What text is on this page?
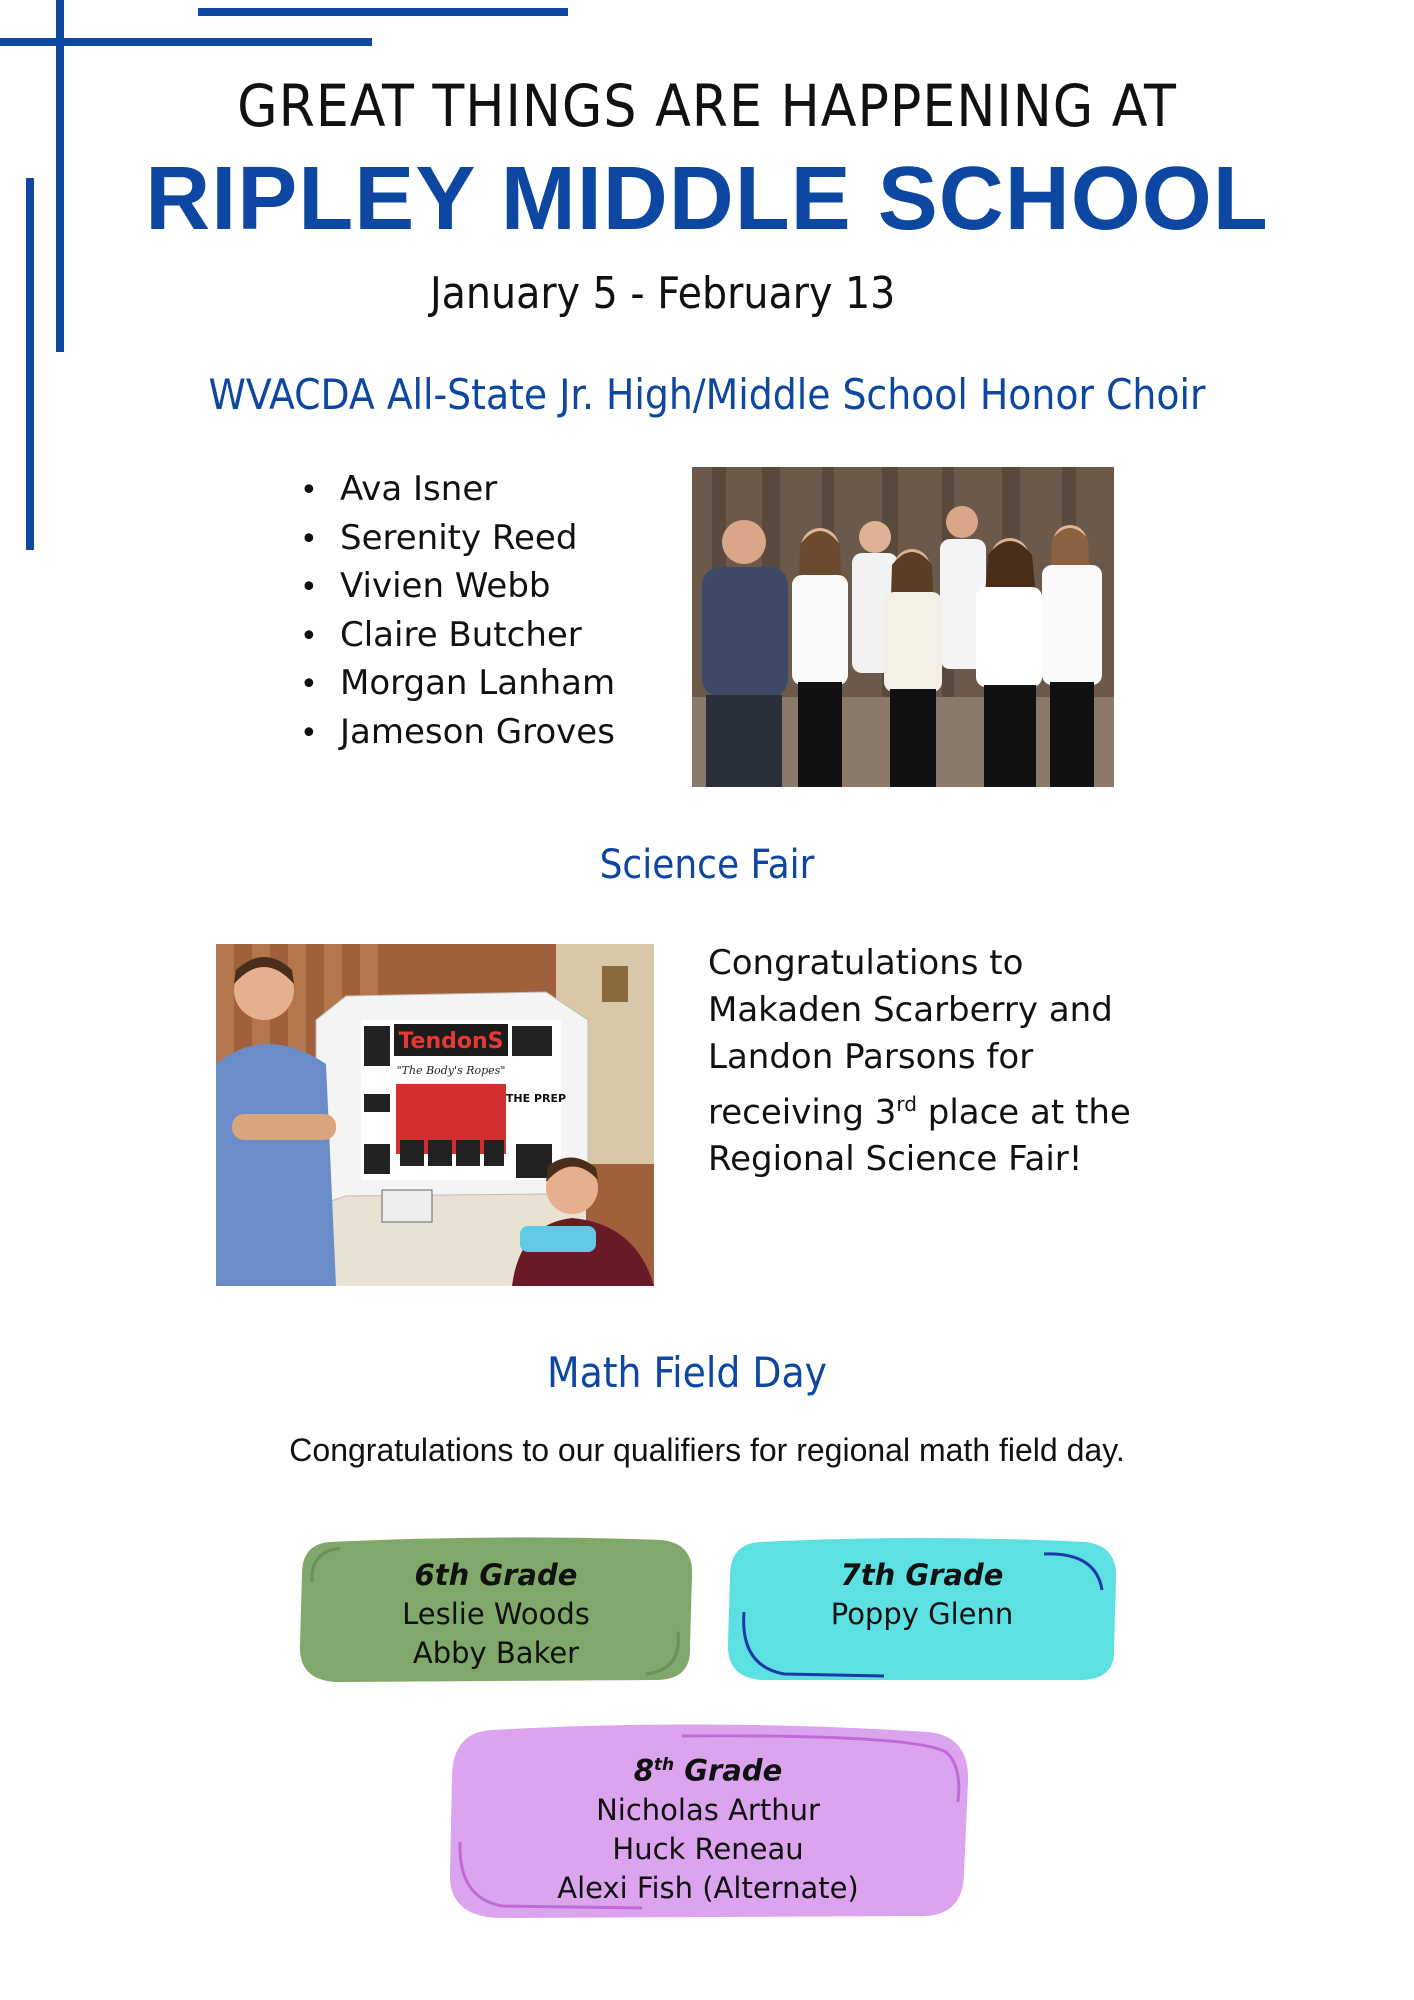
GREAT THINGS ARE HAPPENING AT
RIPLEY MIDDLE SCHOOL
January 5 - February 13
WVACDA All-State Jr. High/Middle School Honor Choir
• Ava Isner
• Serenity Reed
• Vivien Webb
• Claire Butcher
• Morgan Lanham
• Jameson Groves
Science Fair
TendonS
"The Body's Ropes"
THE PREP
Congratulations to
Makaden Scarberry and
Landon Parsons for
receiving 3rd place at the
Regional Science Fair!
Math Field Day
Congratulations to our qualifiers for regional math field day.
6th Grade
Leslie Woods
Abby Baker
7th Grade
Poppy Glenn
8th Grade
Nicholas Arthur
Huck Reneau
Alexi Fish (Alternate)
